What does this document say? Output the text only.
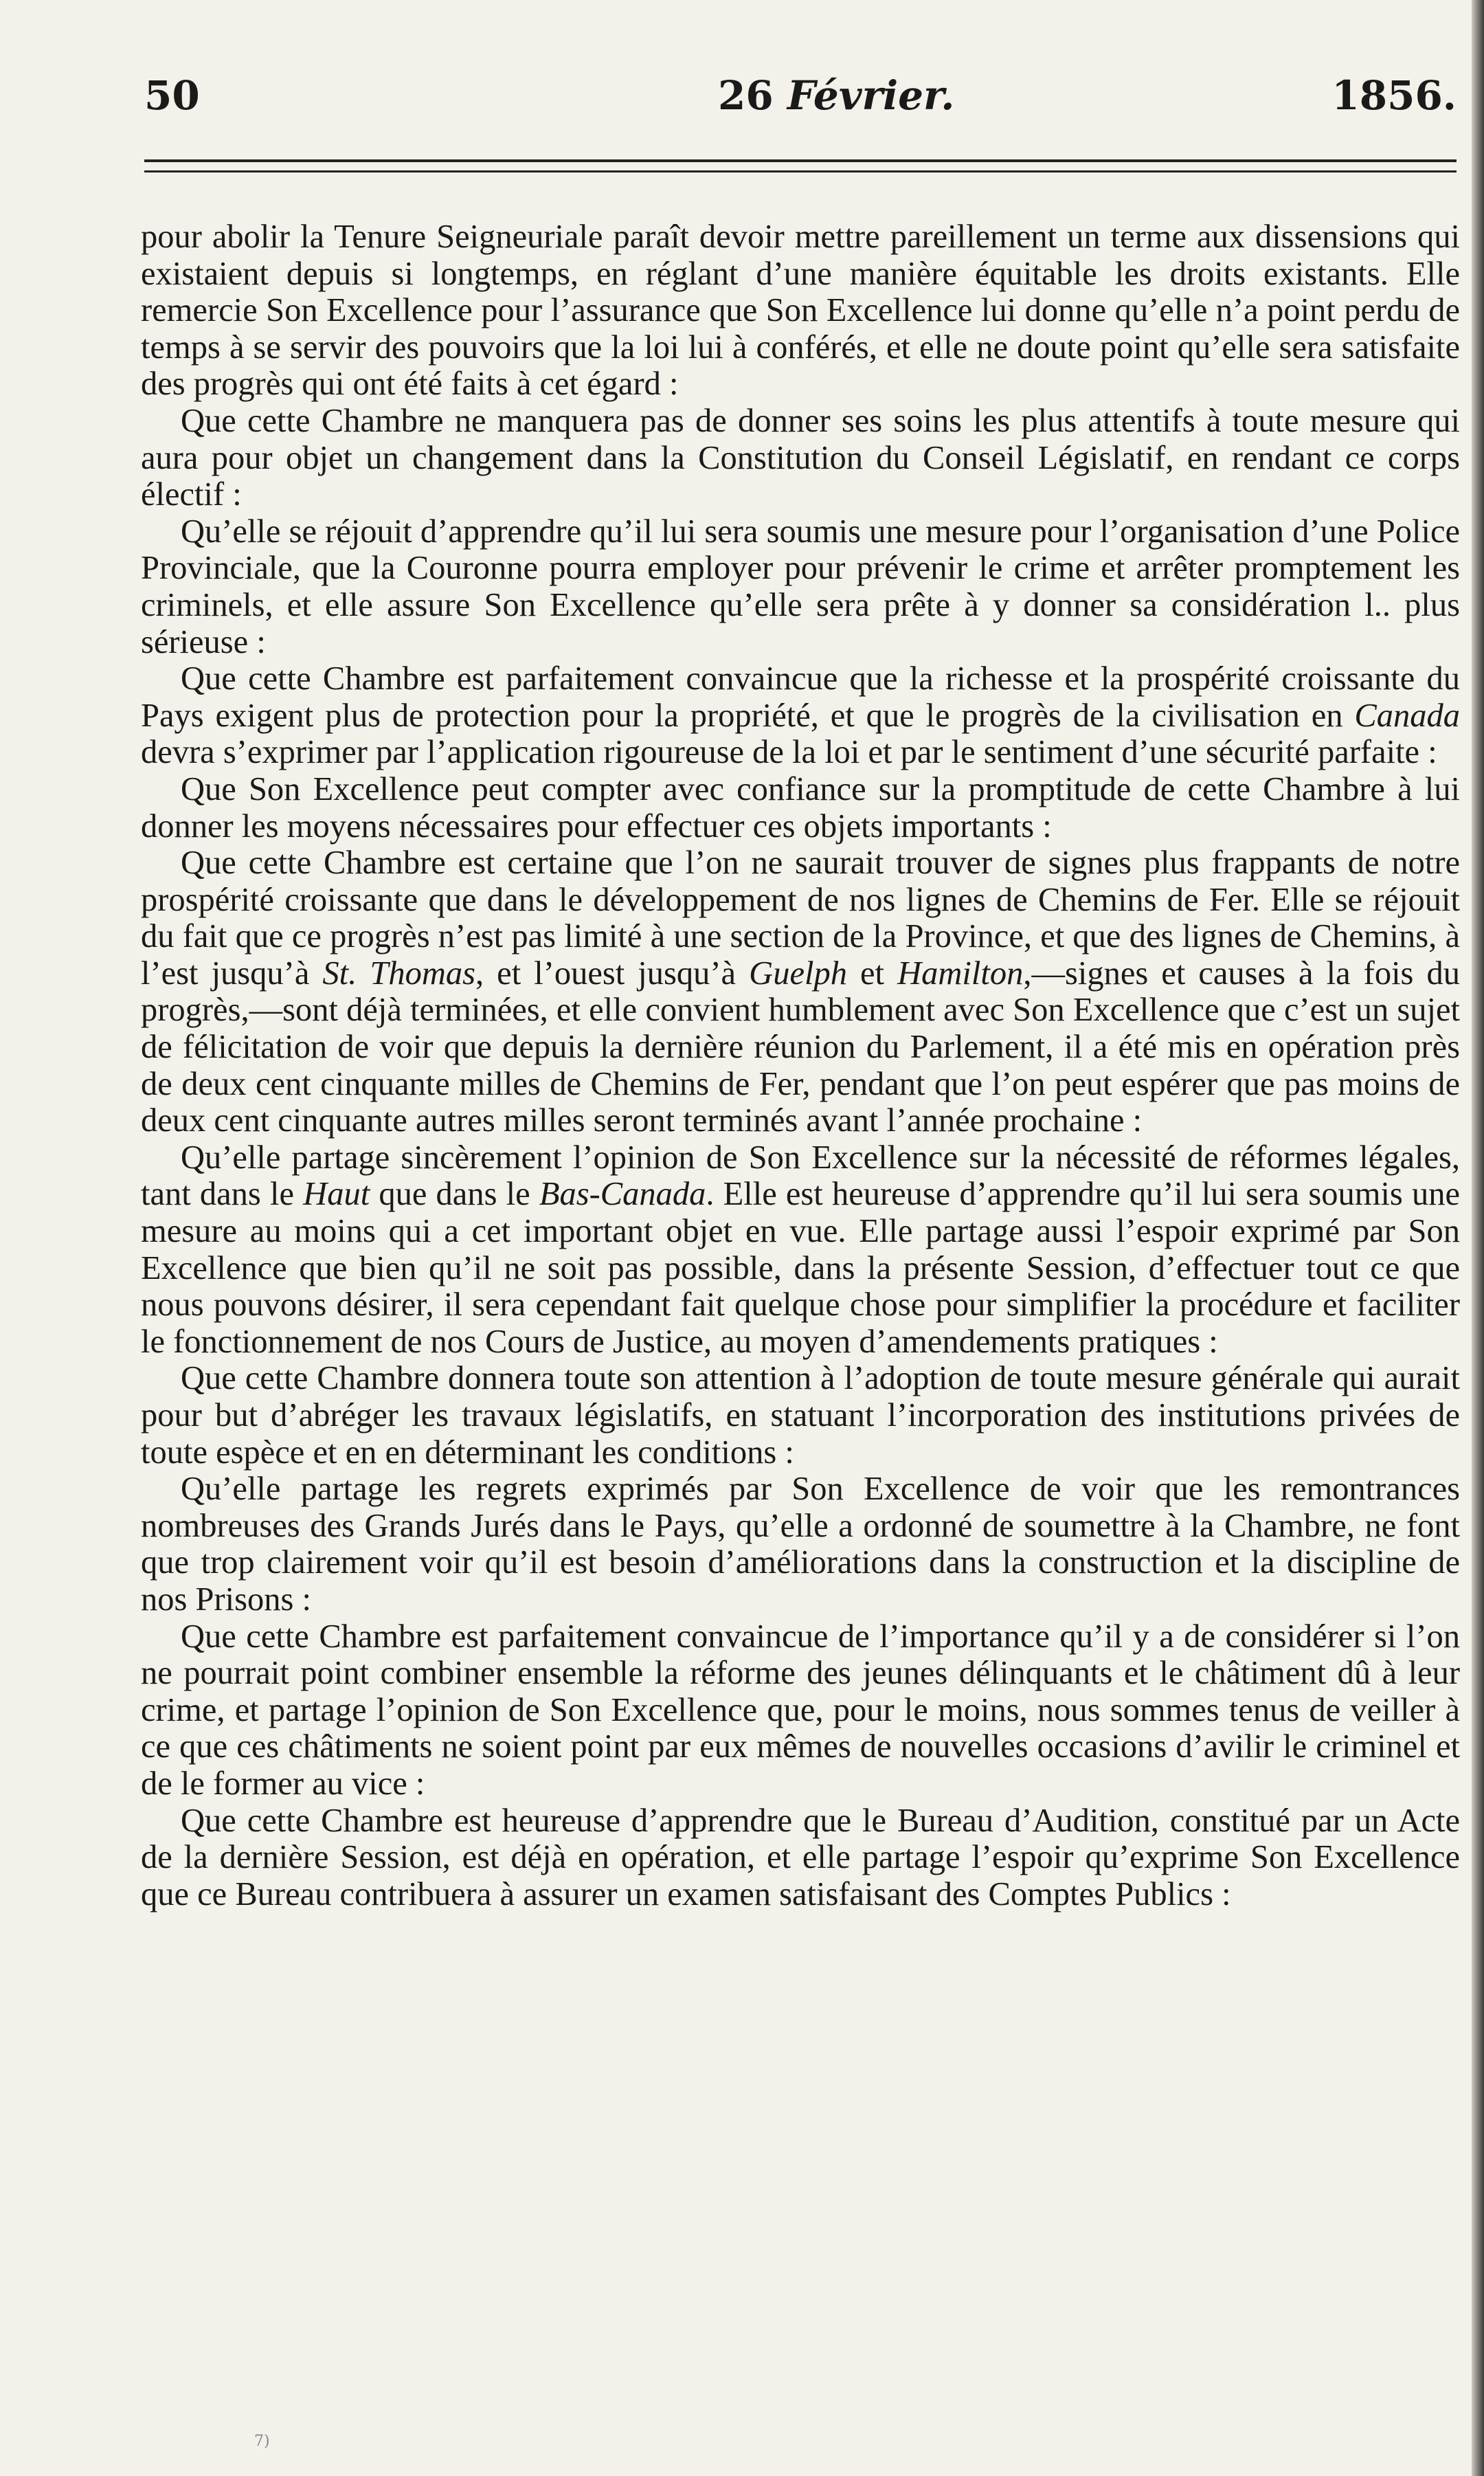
50	26 Février.	1856.

pour abolir la Tenure Seigneuriale paraît devoir mettre pareillement un terme aux dissensions qui existaient depuis si longtemps, en réglant d’une manière équitable les droits existants. Elle remercie Son Excellence pour l’assurance que Son Excellence lui donne qu’elle n’a point perdu de temps à se servir des pouvoirs que la loi lui à conférés, et elle ne doute point qu’elle sera satisfaite des progrès qui ont été faits à cet égard :

Que cette Chambre ne manquera pas de donner ses soins les plus attentifs à toute mesure qui aura pour objet un changement dans la Constitution du Conseil Législatif, en rendant ce corps électif :

Qu’elle se réjouit d’apprendre qu’il lui sera soumis une mesure pour l’organisation d’une Police Provinciale, que la Couronne pourra employer pour prévenir le crime et arrêter promptement les criminels, et elle assure Son Excellence qu’elle sera prête à y donner sa considération l.. plus sérieuse :

Que cette Chambre est parfaitement convaincue que la richesse et la prospérité croissante du Pays exigent plus de protection pour la propriété, et que le progrès de la civilisation en Canada devra s’exprimer par l’application rigoureuse de la loi et par le sentiment d’une sécurité parfaite :

Que Son Excellence peut compter avec confiance sur la promptitude de cette Chambre à lui donner les moyens nécessaires pour effectuer ces objets importants :

Que cette Chambre est certaine que l’on ne saurait trouver de signes plus frappants de notre prospérité croissante que dans le développement de nos lignes de Chemins de Fer. Elle se réjouit du fait que ce progrès n’est pas limité à une section de la Province, et que des lignes de Chemins, à l’est jusqu’à St. Thomas, et l’ouest jusqu’à Guelph et Hamilton,—signes et causes à la fois du progrès,—sont déjà terminées, et elle convient humblement avec Son Excellence que c’est un sujet de félicitation de voir que depuis la dernière réunion du Parlement, il a été mis en opération près de deux cent cinquante milles de Chemins de Fer, pendant que l’on peut espérer que pas moins de deux cent cinquante autres milles seront terminés avant l’année prochaine :

Qu’elle partage sincèrement l’opinion de Son Excellence sur la nécessité de réformes légales, tant dans le Haut que dans le Bas-Canada. Elle est heureuse d’apprendre qu’il lui sera soumis une mesure au moins qui a cet important objet en vue. Elle partage aussi l’espoir exprimé par Son Excellence que bien qu’il ne soit pas possible, dans la présente Session, d’effectuer tout ce que nous pouvons désirer, il sera cependant fait quelque chose pour simplifier la procédure et faciliter le fonctionnement de nos Cours de Justice, au moyen d’amendements pratiques :

Que cette Chambre donnera toute son attention à l’adoption de toute mesure générale qui aurait pour but d’abréger les travaux législatifs, en statuant l’incorporation des institutions privées de toute espèce et en en déterminant les conditions :

Qu’elle partage les regrets exprimés par Son Excellence de voir que les remontrances nombreuses des Grands Jurés dans le Pays, qu’elle a ordonné de soumettre à la Chambre, ne font que trop clairement voir qu’il est besoin d’améliorations dans la construction et la discipline de nos Prisons :

Que cette Chambre est parfaitement convaincue de l’importance qu’il y a de considérer si l’on ne pourrait point combiner ensemble la réforme des jeunes délinquants et le châtiment dû à leur crime, et partage l’opinion de Son Excellence que, pour le moins, nous sommes tenus de veiller à ce que ces châtiments ne soient point par eux mêmes de nouvelles occasions d’avilir le criminel et de le former au vice :

Que cette Chambre est heureuse d’apprendre que le Bureau d’Audition, constitué par un Acte de la dernière Session, est déjà en opération, et elle partage l’espoir qu’exprime Son Excellence que ce Bureau contribuera à assurer un examen satisfaisant des Comptes Publics :

7)
